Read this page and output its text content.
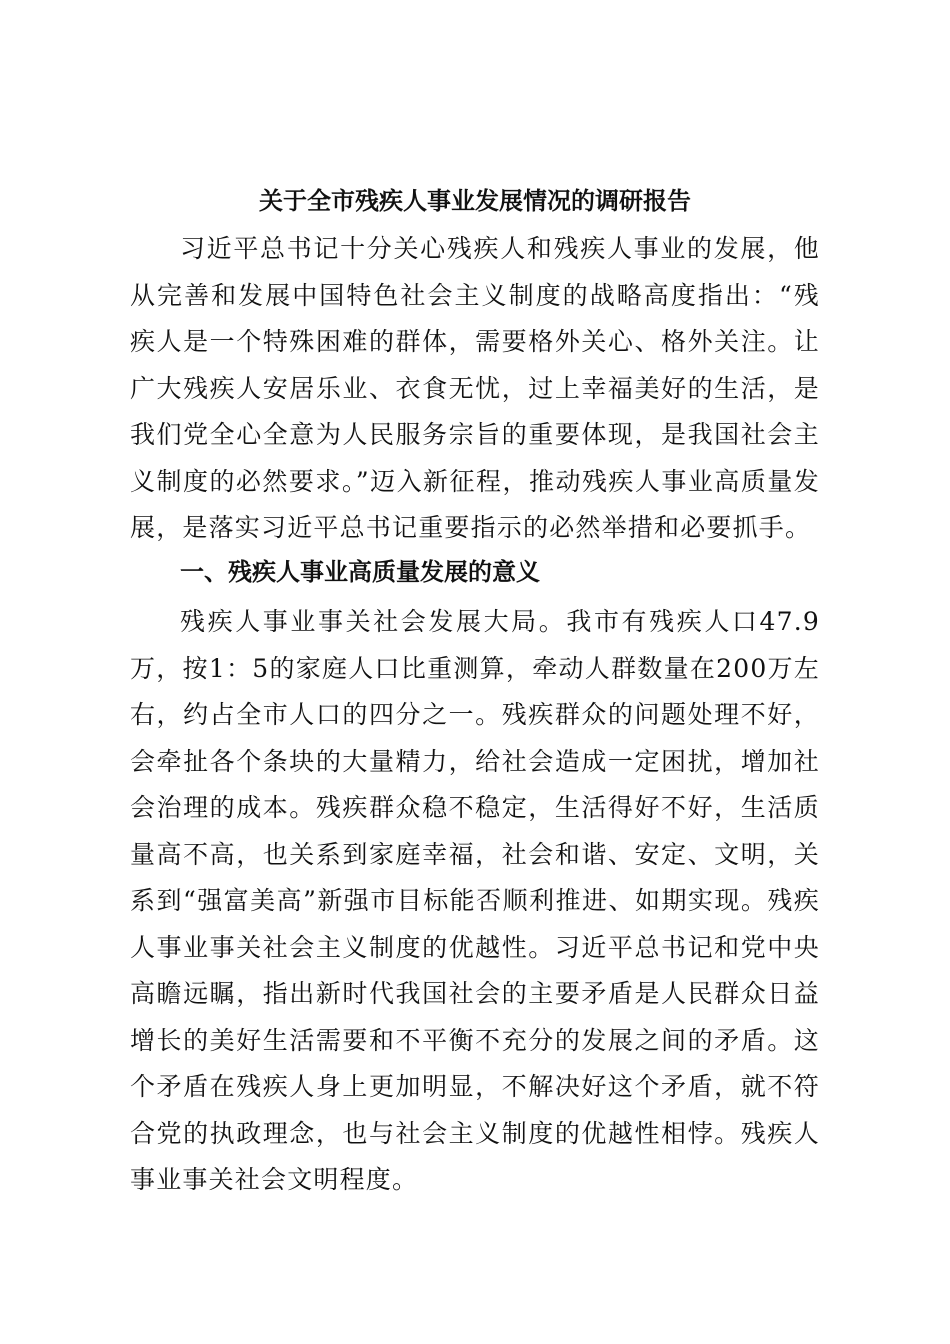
关于全市残疾人事业发展情况的调研报告

习近平总书记十分关心残疾人和残疾人事业的发展，他从完善和发展中国特色社会主义制度的战略高度指出：“残疾人是一个特殊困难的群体，需要格外关心、格外关注。让广大残疾人安居乐业、衣食无忧，过上幸福美好的生活，是我们党全心全意为人民服务宗旨的重要体现，是我国社会主义制度的必然要求。”迈入新征程，推动残疾人事业高质量发展，是落实习近平总书记重要指示的必然举措和必要抓手。

一、残疾人事业高质量发展的意义

残疾人事业事关社会发展大局。我市有残疾人口47.9万，按1：5的家庭人口比重测算，牵动人群数量在200万左右，约占全市人口的四分之一。残疾群众的问题处理不好，会牵扯各个条块的大量精力，给社会造成一定困扰，增加社会治理的成本。残疾群众稳不稳定，生活得好不好，生活质量高不高，也关系到家庭幸福，社会和谐、安定、文明，关系到“强富美高”新强市目标能否顺利推进、如期实现。残疾人事业事关社会主义制度的优越性。习近平总书记和党中央高瞻远瞩，指出新时代我国社会的主要矛盾是人民群众日益增长的美好生活需要和不平衡不充分的发展之间的矛盾。这个矛盾在残疾人身上更加明显，不解决好这个矛盾，就不符合党的执政理念，也与社会主义制度的优越性相悖。残疾人事业事关社会文明程度。
